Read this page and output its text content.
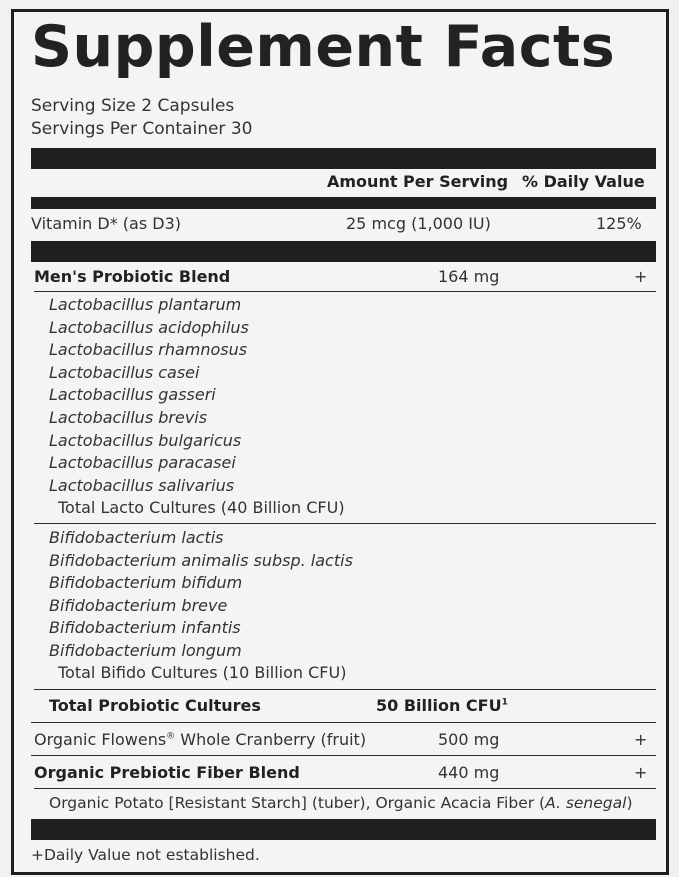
Supplement Facts
Serving Size 2 Capsules
Servings Per Container 30
Amount Per Serving % Daily Value
Vitamin D* (as D3)	25 mcg (1,000 IU)	125%
Men's Probiotic Blend	164 mg	+
Lactobacillus plantarum
Lactobacillus acidophilus
Lactobacillus rhamnosus
Lactobacillus casei
Lactobacillus gasseri
Lactobacillus brevis
Lactobacillus bulgaricus
Lactobacillus paracasei
Lactobacillus salivarius
Total Lacto Cultures (40 Billion CFU)
Bifidobacterium lactis
Bifidobacterium animalis subsp. lactis
Bifidobacterium bifidum
Bifidobacterium breve
Bifidobacterium infantis
Bifidobacterium longum
Total Bifido Cultures (10 Billion CFU)
Total Probiotic Cultures	50 Billion CFU$^1$
Organic Flowens® Whole Cranberry (fruit)	500 mg	+
Organic Prebiotic Fiber Blend	440 mg	+
Organic Potato [Resistant Starch] (tuber), Organic Acacia Fiber (A. senegal)
+Daily Value not established.
